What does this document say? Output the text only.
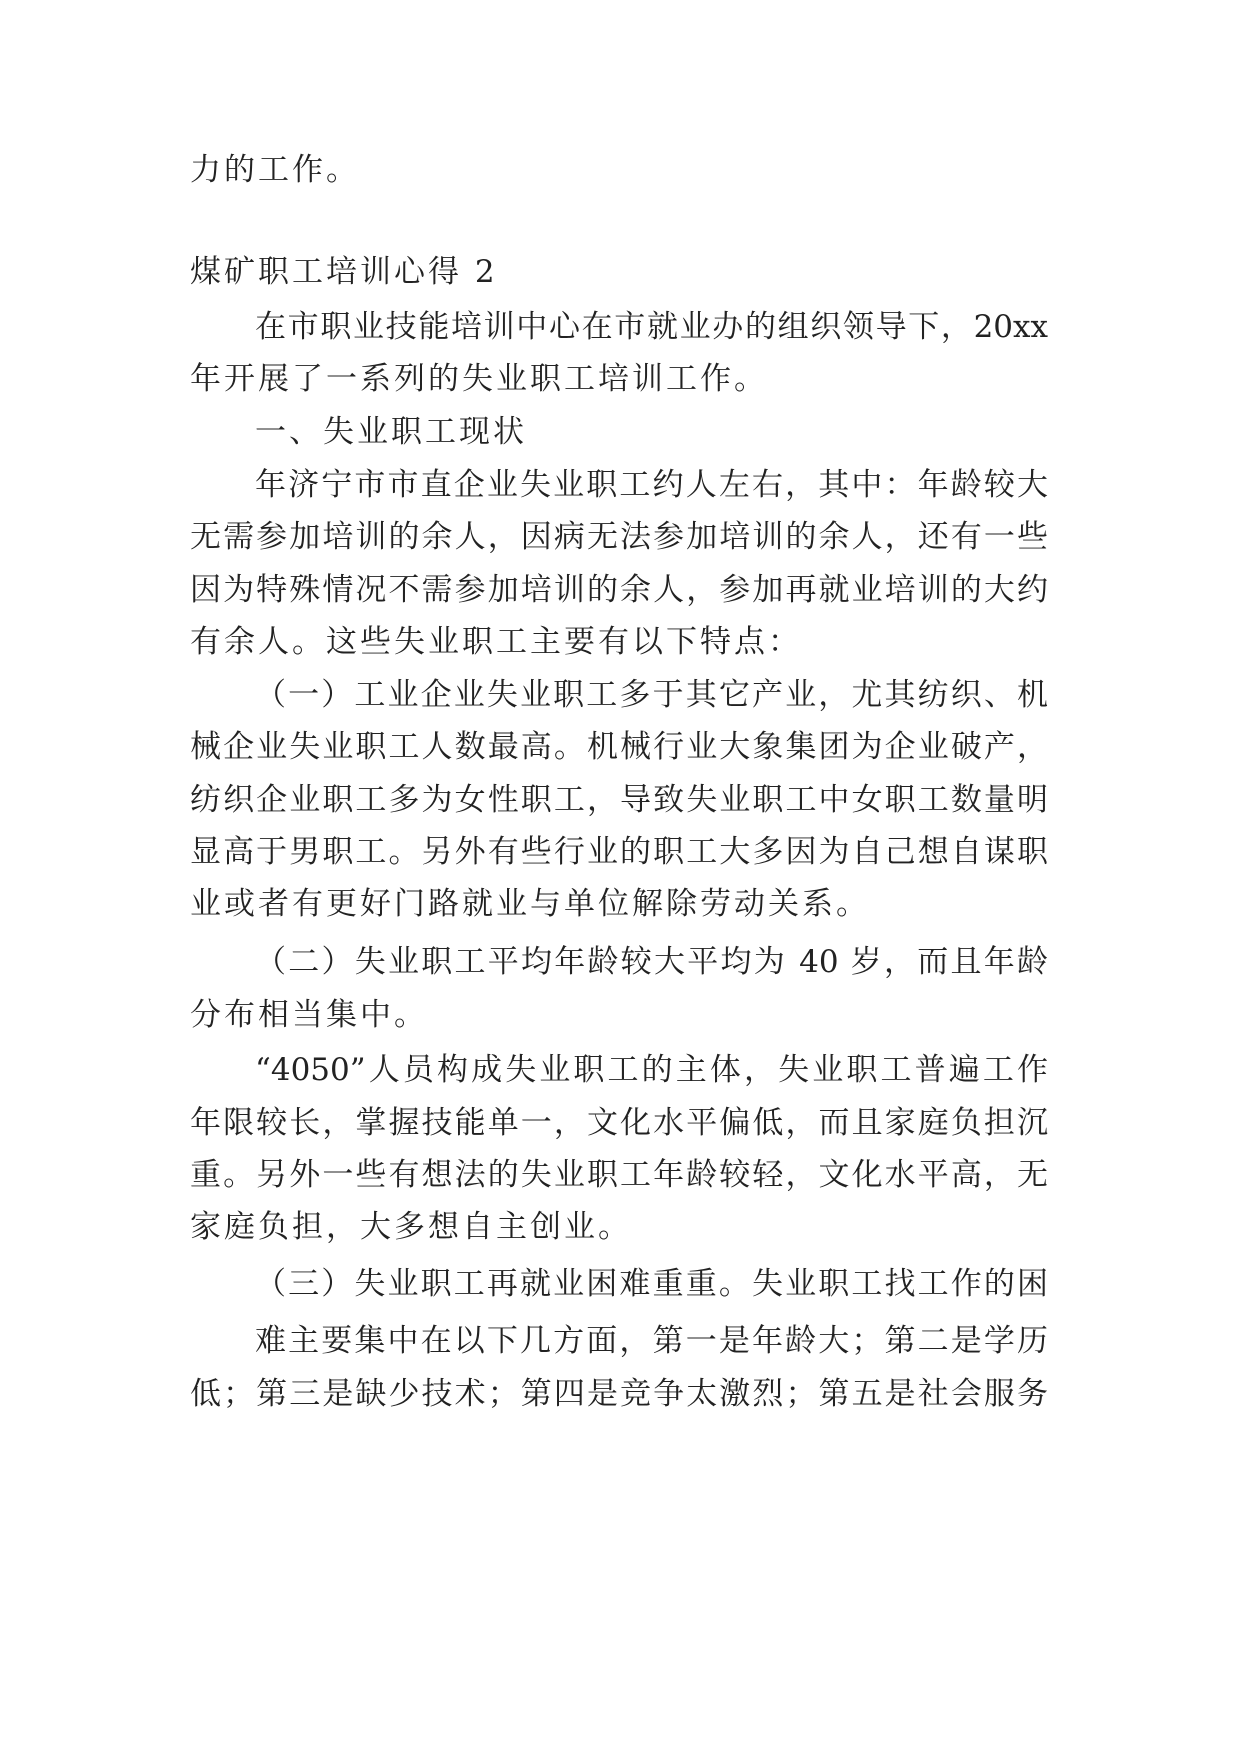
力的工作。

煤矿职工培训心得 2

在市职业技能培训中心在市就业办的组织领导下，20xx

年开展了一系列的失业职工培训工作。

一、失业职工现状

年济宁市市直企业失业职工约人左右，其中：年龄较大

无需参加培训的余人，因病无法参加培训的余人，还有一些

因为特殊情况不需参加培训的余人，参加再就业培训的大约

有余人。这些失业职工主要有以下特点：

（一）工业企业失业职工多于其它产业，尤其纺织、机

械企业失业职工人数最高。机械行业大象集团为企业破产，

纺织企业职工多为女性职工，导致失业职工中女职工数量明

显高于男职工。另外有些行业的职工大多因为自己想自谋职

业或者有更好门路就业与单位解除劳动关系。

（二）失业职工平均年龄较大平均为 40 岁，而且年龄

分布相当集中。

“4050”人员构成失业职工的主体，失业职工普遍工作

年限较长，掌握技能单一，文化水平偏低，而且家庭负担沉

重。另外一些有想法的失业职工年龄较轻，文化水平高，无

家庭负担，大多想自主创业。

（三）失业职工再就业困难重重。失业职工找工作的困

难主要集中在以下几方面，第一是年龄大；第二是学历

低；第三是缺少技术；第四是竞争太激烈；第五是社会服务
